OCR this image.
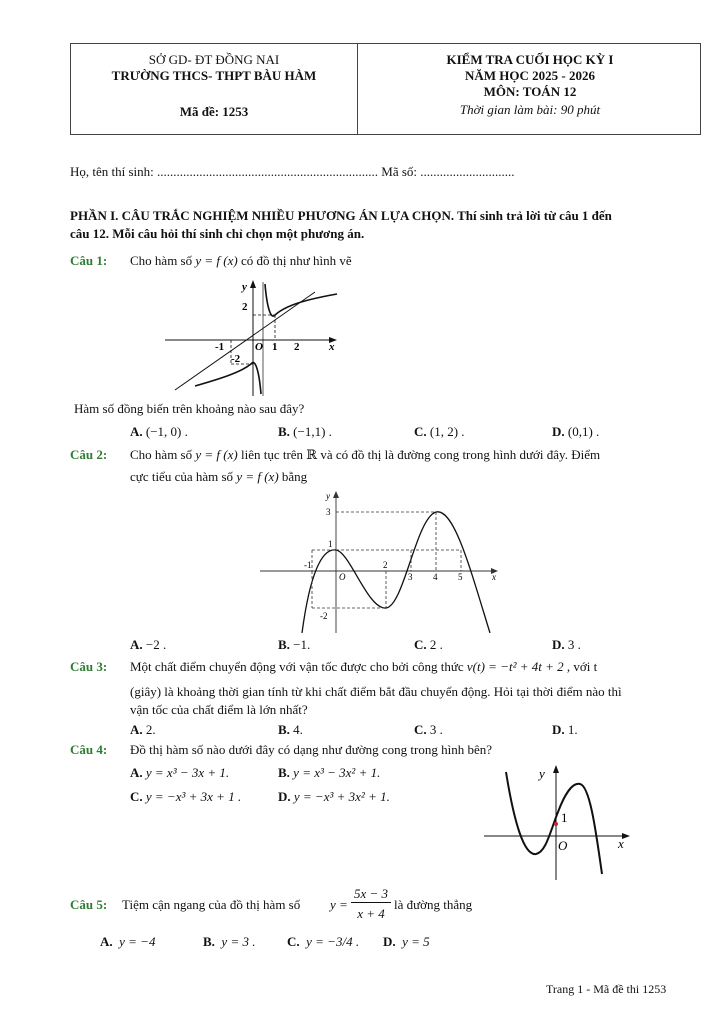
SỞ GD- ĐT ĐỒNG NAI
TRƯỜNG THCS- THPT BÀU HÀM
Mã đề: 1253
KIỂM TRA CUỐI HỌC KỲ I
NĂM HỌC 2025 - 2026
MÔN: TOÁN 12
Thời gian làm bài: 90 phút
Họ, tên thí sinh: .................................................................... Mã số: .............................
PHẦN I. CÂU TRẮC NGHIỆM NHIỀU PHƯƠNG ÁN LỰA CHỌN. Thí sinh trả lời từ câu 1 đến
câu 12. Mỗi câu hỏi thí sinh chỉ chọn một phương án.
Câu 1: Cho hàm số y = f (x) có đồ thị như hình vẽ
y
2
-1	O 1 2	x
-2
Hàm số đồng biến trên khoảng nào sau đây?
A. (−1, 0) .	B. (−1,1) .	C. (1, 2) .	D. (0,1) .
Câu 2: Cho hàm số y = f (x) liên tục trên ℝ và có đồ thị là đường cong trong hình dưới đây. Điểm
cực tiểu của hàm số y = f (x) bằng
y
3
1
-1
O
2
3 4 5	x
-2
A. −2 .	B. −1.	C. 2 .	D. 3 .
Câu 3: Một chất điểm chuyển động với vận tốc được cho bởi công thức v(t) = −t² + 4t + 2 , với t
(giây) là khoảng thời gian tính từ khi chất điểm bắt đầu chuyển động. Hỏi tại thời điểm nào thì
vận tốc của chất điểm là lớn nhất?
A. 2.	B. 4.	C. 3 .	D. 1.
Câu 4: Đồ thị hàm số nào dưới đây có dạng như đường cong trong hình bên?
A. y = x³ − 3x + 1.	B. y = x³ − 3x² + 1.
C. y = −x³ + 3x + 1 .	D. y = −x³ + 3x² + 1.
y
1
O	x
Câu 5: Tiệm cận ngang của đồ thị hàm số y =
5x − 3
x + 4
là đường thẳng
A. y = −4	B. y = 3 . C. y = −3/4 . D. y = 5
Trang 1 - Mã đề thi 1253
